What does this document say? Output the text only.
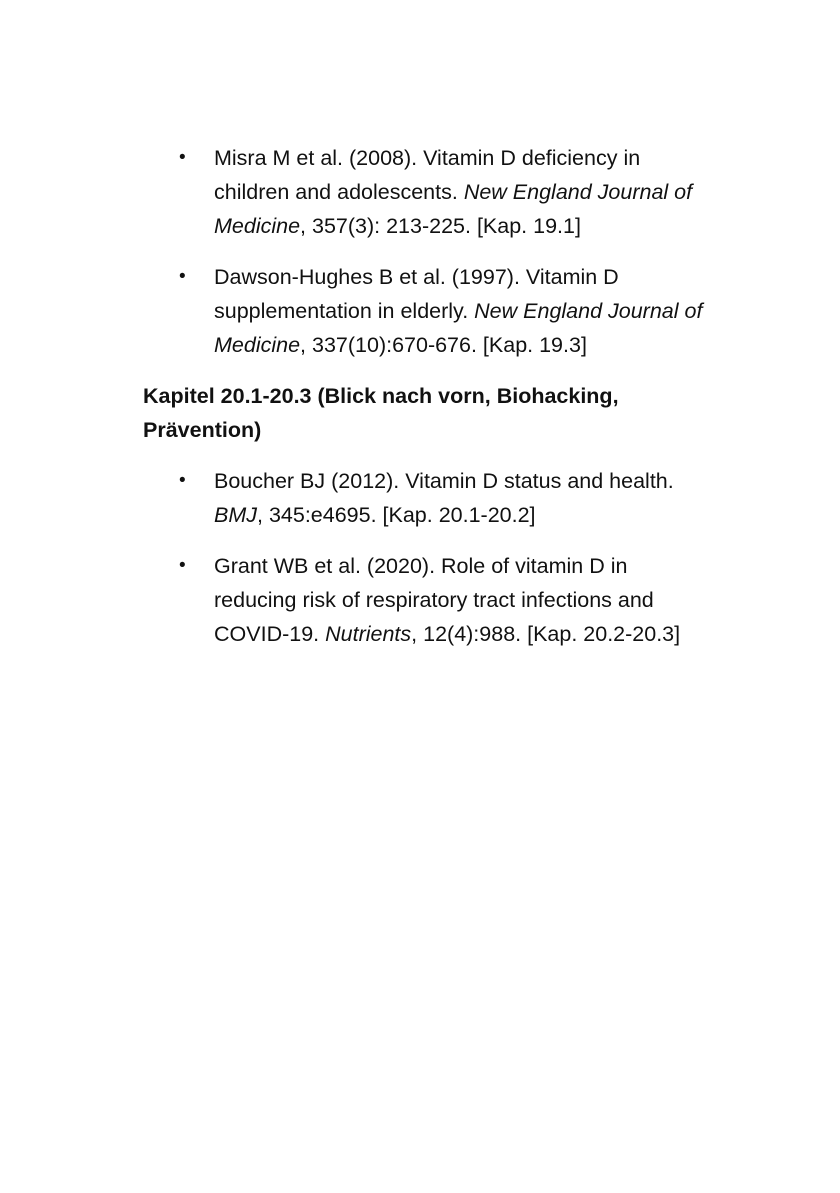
• Misra M et al. (2008). Vitamin D deficiency in children and adolescents. New England Journal of Medicine, 357(3): 213-225. [Kap. 19.1]
• Dawson-Hughes B et al. (1997). Vitamin D supplementation in elderly. New England Journal of Medicine, 337(10):670-676. [Kap. 19.3]
Kapitel 20.1-20.3 (Blick nach vorn, Biohacking, Prävention)
• Boucher BJ (2012). Vitamin D status and health. BMJ, 345:e4695. [Kap. 20.1-20.2]
• Grant WB et al. (2020). Role of vitamin D in reducing risk of respiratory tract infections and COVID-19. Nutrients, 12(4):988. [Kap. 20.2-20.3]
